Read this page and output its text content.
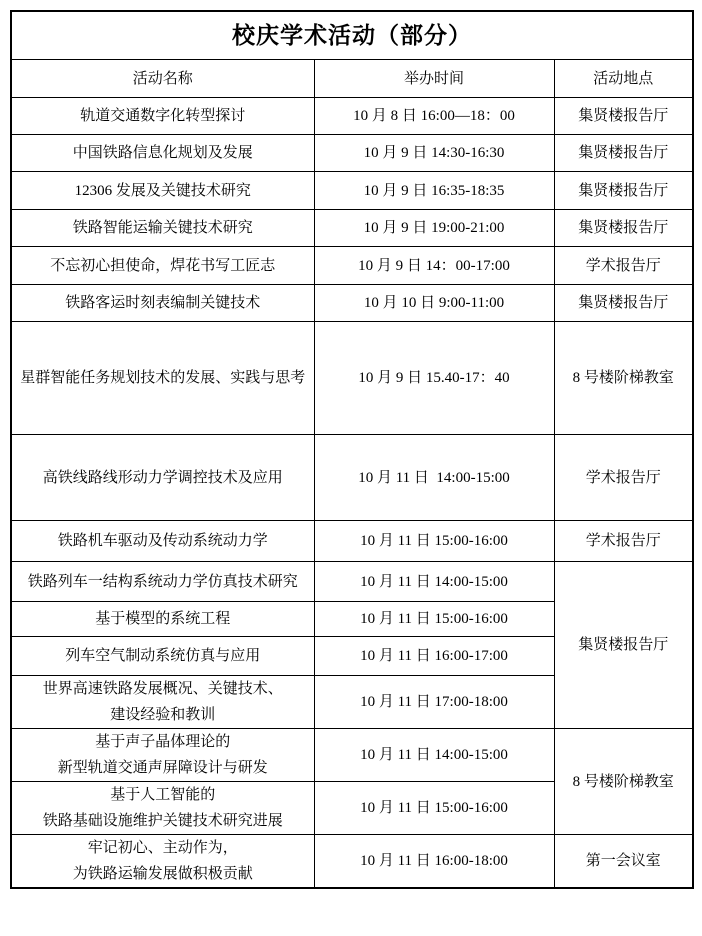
校庆学术活动（部分）		
活动名称	举办时间	活动地点

轨道交通数字化转型探讨	10 月 8 日 16:00—18：00	集贤楼报告厅

中国铁路信息化规划及发展	10 月 9 日 14:30-16:30	集贤楼报告厅

12306 发展及关键技术研究	10 月 9 日 16:35-18:35	集贤楼报告厅

铁路智能运输关键技术研究	10 月 9 日 19:00-21:00	集贤楼报告厅

不忘初心担使命，焊花书写工匠志	10 月 9 日 14：00-17:00	学术报告厅

铁路客运时刻表编制关键技术	10 月 10 日 9:00-11:00	集贤楼报告厅

星群智能任务规划技术的发展、实践与思考	10 月 9 日 15.40-17：40	8 号楼阶梯教室

高铁线路线形动力学调控技术及应用	10 月 11 日  14:00-15:00	学术报告厅

铁路机车驱动及传动系统动力学	10 月 11 日 15:00-16:00	学术报告厅

铁路列车一结构系统动力学仿真技术研究	10 月 11 日 14:00-15:00	集贤楼报告厅

基于模型的系统工程	10 月 11 日 15:00-16:00	

列车空气制动系统仿真与应用	10 月 11 日 16:00-17:00	

世界高速铁路发展概况、关键技术、
建设经验和教训	10 月 11 日 17:00-18:00	

基于声子晶体理论的
新型轨道交通声屏障设计与研发	10 月 11 日 14:00-15:00	8 号楼阶梯教室

基于人工智能的
铁路基础设施维护关键技术研究进展	10 月 11 日 15:00-16:00	

牢记初心、主动作为，
为铁路运输发展做积极贡献	10 月 11 日 16:00-18:00	第一会议室
